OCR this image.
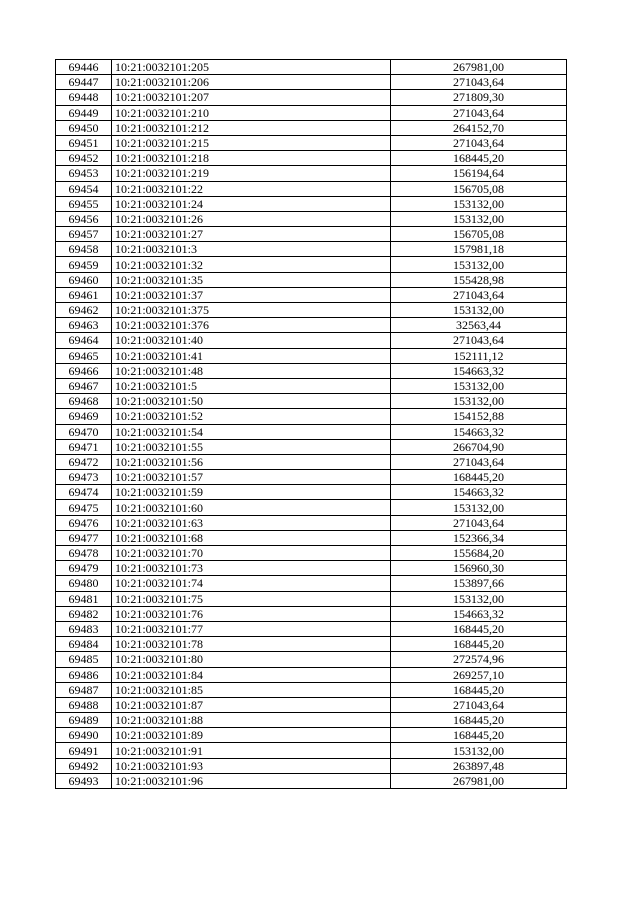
69446	10:21:0032101:205	267981,00
69447	10:21:0032101:206	271043,64
69448	10:21:0032101:207	271809,30
69449	10:21:0032101:210	271043,64
69450	10:21:0032101:212	264152,70
69451	10:21:0032101:215	271043,64
69452	10:21:0032101:218	168445,20
69453	10:21:0032101:219	156194,64
69454	10:21:0032101:22	156705,08
69455	10:21:0032101:24	153132,00
69456	10:21:0032101:26	153132,00
69457	10:21:0032101:27	156705,08
69458	10:21:0032101:3	157981,18
69459	10:21:0032101:32	153132,00
69460	10:21:0032101:35	155428,98
69461	10:21:0032101:37	271043,64
69462	10:21:0032101:375	153132,00
69463	10:21:0032101:376	32563,44
69464	10:21:0032101:40	271043,64
69465	10:21:0032101:41	152111,12
69466	10:21:0032101:48	154663,32
69467	10:21:0032101:5	153132,00
69468	10:21:0032101:50	153132,00
69469	10:21:0032101:52	154152,88
69470	10:21:0032101:54	154663,32
69471	10:21:0032101:55	266704,90
69472	10:21:0032101:56	271043,64
69473	10:21:0032101:57	168445,20
69474	10:21:0032101:59	154663,32
69475	10:21:0032101:60	153132,00
69476	10:21:0032101:63	271043,64
69477	10:21:0032101:68	152366,34
69478	10:21:0032101:70	155684,20
69479	10:21:0032101:73	156960,30
69480	10:21:0032101:74	153897,66
69481	10:21:0032101:75	153132,00
69482	10:21:0032101:76	154663,32
69483	10:21:0032101:77	168445,20
69484	10:21:0032101:78	168445,20
69485	10:21:0032101:80	272574,96
69486	10:21:0032101:84	269257,10
69487	10:21:0032101:85	168445,20
69488	10:21:0032101:87	271043,64
69489	10:21:0032101:88	168445,20
69490	10:21:0032101:89	168445,20
69491	10:21:0032101:91	153132,00
69492	10:21:0032101:93	263897,48
69493	10:21:0032101:96	267981,00
